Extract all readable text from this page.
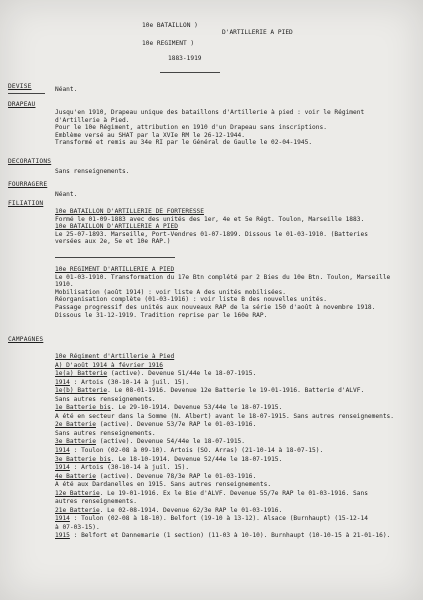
10e BATAILLON )
D'ARTILLERIE A PIED
10e REGIMENT )
1883-1919
DEVISE	Néant.
DRAPEAU

Jusqu'en 1910, Drapeau unique des bataillons d'Artillerie à pied : voir le Régiment

d'Artillerie à Pied.

Pour le 10e Régiment, attribution en 1910 d'un Drapeau sans inscriptions.

Emblème versé au SHAT par la XVIe RM le 26-12-1944.

Transformé et remis au 34e RI par le Général de Gaulle le 02-04-1945.

DECORATIONS
Sans renseignements.
FOURRAGERE
Néant.
FILIATION

10e BATAILLON D'ARTILLERIE DE FORTERESSE

Formé le 01-09-1883 avec des unités des 1er, 4e et 5e Régt. Toulon, Marseille 1883.

10e BATAILLON D'ARTILLERIE A PIED

Le 25-07-1893. Marseille, Port-Vendres 01-07-1899. Dissous le 01-03-1910. (Batteries

versées aux 2e, 5e et 10e RAP.)

10e REGIMENT D'ARTILLERIE A PIED

Le 01-03-1910. Transformation du 17e Btn complété par 2 Bies du 10e Btn. Toulon, Marseille

1910.

Mobilisation (août 1914) : voir liste A des unités mobilisées.

Réorganisation complète (01-03-1916) : voir liste B des nouvelles unités.

Passage progressif des unités aux nouveaux RAP de la série 150 d'août à novembre 1918.

Dissous le 31-12-1919. Tradition reprise par le 160e RAP.

CAMPAGNES

10e Régiment d'Artillerie à Pied

A) D'août 1914 à février 1916

1e(a) Batterie (active). Devenue 51/44e le 18-07-1915.

1914 : Artois (30-10-14 à juil. 15).

1e(b) Batterie. Le 08-01-1916. Devenue 12e Batterie le 19-01-1916. Batterie d'ALVF.

Sans autres renseignements.

1e Batterie bis. Le 29-10-1914. Devenue 53/44e le 18-07-1915.

A été en secteur dans la Somme (N. Albert) avant le 18-07-1915. Sans autres renseignements.

2e Batterie (active). Devenue 53/7e RAP le 01-03-1916.

Sans autres renseignements.

3e Batterie (active). Devenue 54/44e le 18-07-1915.

1914 : Toulon (02-08 à 09-10). Artois (SO. Arras) (21-10-14 à 18-07-15).

3e Batterie bis. Le 18-10-1914. Devenue 52/44e le 18-07-1915.

1914 : Artois (30-10-14 à juil. 15).

4e Batterie (active). Devenue 78/3e RAP le 01-03-1916.

A été aux Dardanelles en 1915. Sans autres renseignements.

12e Batterie. Le 19-01-1916. Ex le Bie d'ALVF. Devenue 55/7e RAP le 01-03-1916. Sans

autres renseignements.

21e Batterie. Le 02-08-1914. Devenue 62/3e RAP le 01-03-1916.

1914 : Toulon (02-08 à 18-10). Belfort (19-10 à 13-12). Alsace (Burnhaupt) (15-12-14

à 07-03-15).

1915 : Belfort et Dannemarie (1 section) (11-03 à 10-10). Burnhaupt (10-10-15 à 21-01-16).
